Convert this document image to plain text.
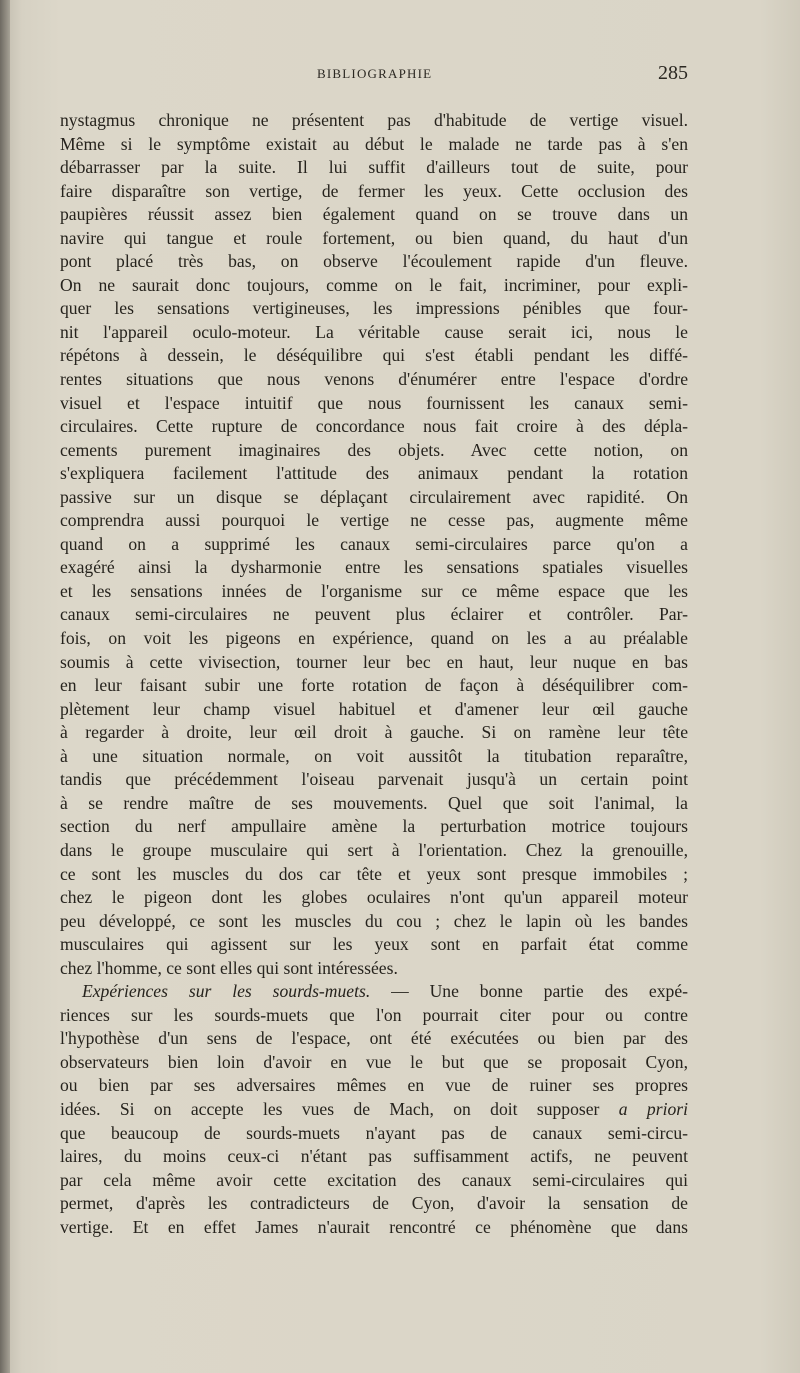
BIBLIOGRAPHIE	285
nystagmus chronique ne présentent pas d'habitude de vertige visuel.
Même si le symptôme existait au début le malade ne tarde pas à s'en
débarrasser par la suite. Il lui suffit d'ailleurs tout de suite, pour
faire disparaître son vertige, de fermer les yeux. Cette occlusion des
paupières réussit assez bien également quand on se trouve dans un
navire qui tangue et roule fortement, ou bien quand, du haut d'un
pont placé très bas, on observe l'écoulement rapide d'un fleuve.
On ne saurait donc toujours, comme on le fait, incriminer, pour expli-
quer les sensations vertigineuses, les impressions pénibles que four-
nit l'appareil oculo-moteur. La véritable cause serait ici, nous le
répétons à dessein, le déséquilibre qui s'est établi pendant les diffé-
rentes situations que nous venons d'énumérer entre l'espace d'ordre
visuel et l'espace intuitif que nous fournissent les canaux semi-
circulaires. Cette rupture de concordance nous fait croire à des dépla-
cements purement imaginaires des objets. Avec cette notion, on
s'expliquera facilement l'attitude des animaux pendant la rotation
passive sur un disque se déplaçant circulairement avec rapidité. On
comprendra aussi pourquoi le vertige ne cesse pas, augmente même
quand on a supprimé les canaux semi-circulaires parce qu'on a
exagéré ainsi la dysharmonie entre les sensations spatiales visuelles
et les sensations innées de l'organisme sur ce même espace que les
canaux semi-circulaires ne peuvent plus éclairer et contrôler. Par-
fois, on voit les pigeons en expérience, quand on les a au préalable
soumis à cette vivisection, tourner leur bec en haut, leur nuque en bas
en leur faisant subir une forte rotation de façon à déséquilibrer com-
plètement leur champ visuel habituel et d'amener leur œil gauche
à regarder à droite, leur œil droit à gauche. Si on ramène leur tête
à une situation normale, on voit aussitôt la titubation reparaître,
tandis que précédemment l'oiseau parvenait jusqu'à un certain point
à se rendre maître de ses mouvements. Quel que soit l'animal, la
section du nerf ampullaire amène la perturbation motrice toujours
dans le groupe musculaire qui sert à l'orientation. Chez la grenouille,
ce sont les muscles du dos car tête et yeux sont presque immobiles ;
chez le pigeon dont les globes oculaires n'ont qu'un appareil moteur
peu développé, ce sont les muscles du cou ; chez le lapin où les bandes
musculaires qui agissent sur les yeux sont en parfait état comme
chez l'homme, ce sont elles qui sont intéressées.
Expériences sur les sourds-muets. — Une bonne partie des expé-
riences sur les sourds-muets que l'on pourrait citer pour ou contre
l'hypothèse d'un sens de l'espace, ont été exécutées ou bien par des
observateurs bien loin d'avoir en vue le but que se proposait Cyon,
ou bien par ses adversaires mêmes en vue de ruiner ses propres
idées. Si on accepte les vues de Mach, on doit supposer a priori
que beaucoup de sourds-muets n'ayant pas de canaux semi-circu-
laires, du moins ceux-ci n'étant pas suffisamment actifs, ne peuvent
par cela même avoir cette excitation des canaux semi-circulaires qui
permet, d'après les contradicteurs de Cyon, d'avoir la sensation de
vertige. Et en effet James n'aurait rencontré ce phénomène que dans
